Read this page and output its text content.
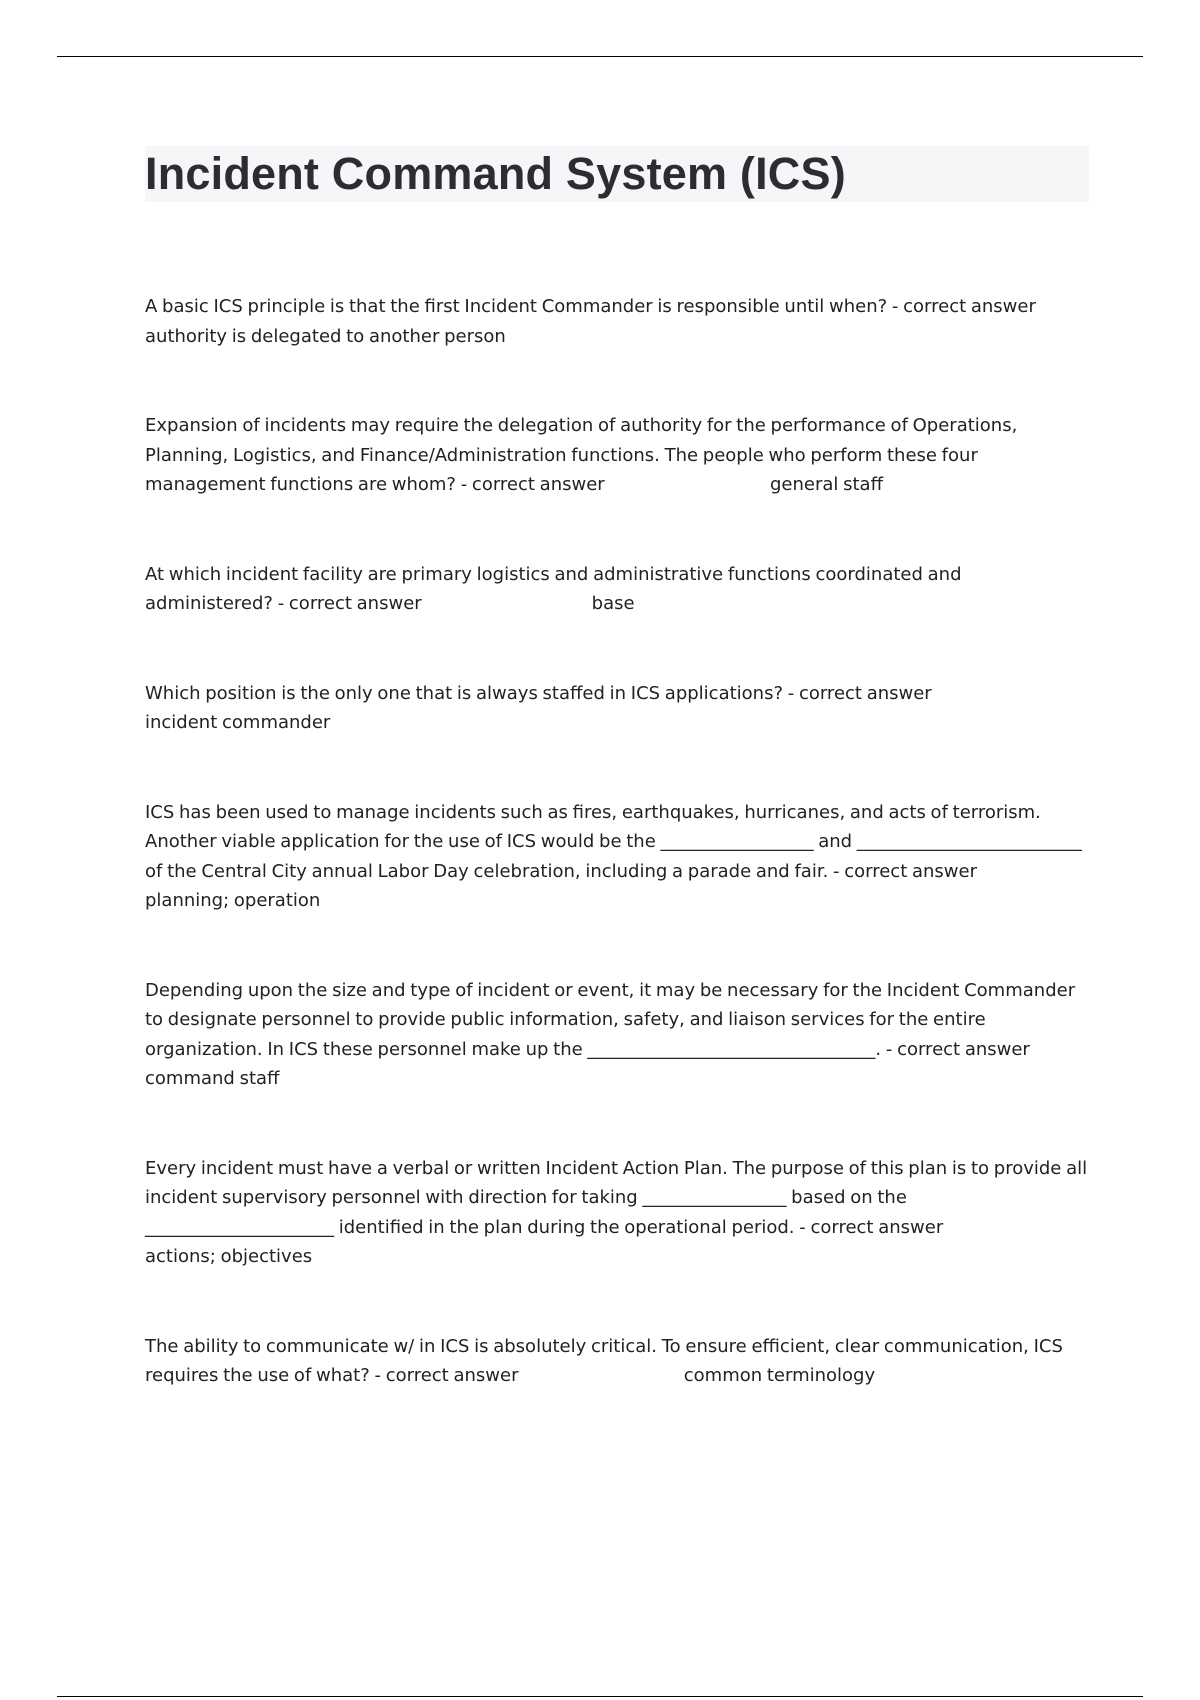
Incident Command System (ICS)

A basic ICS principle is that the first Incident Commander is responsible until when? - correct answer
authority is delegated to another person

Expansion of incidents may require the delegation of authority for the performance of Operations, Planning, Logistics, and Finance/Administration functions. The people who perform these four management functions are whom? - correct answer	general staff

At which incident facility are primary logistics and administrative functions coordinated and administered? - correct answer	base

Which position is the only one that is always staffed in ICS applications? - correct answer
incident commander

ICS has been used to manage incidents such as fires, earthquakes, hurricanes, and acts of terrorism. Another viable application for the use of ICS would be the _________________ and _________________________ of the Central City annual Labor Day celebration, including a parade and fair. - correct answer                                    planning; operation

Depending upon the size and type of incident or event, it may be necessary for the Incident Commander to designate personnel to provide public information, safety, and liaison services for the entire organization. In ICS these personnel make up the ________________________________. - correct answer
command staff

Every incident must have a verbal or written Incident Action Plan. The purpose of this plan is to provide all incident supervisory personnel with direction for taking ________________ based on the _____________________ identified in the plan during the operational period. - correct answer
actions; objectives

The ability to communicate w/ in ICS is absolutely critical. To ensure efficient, clear communication, ICS requires the use of what? - correct answer	common terminology
